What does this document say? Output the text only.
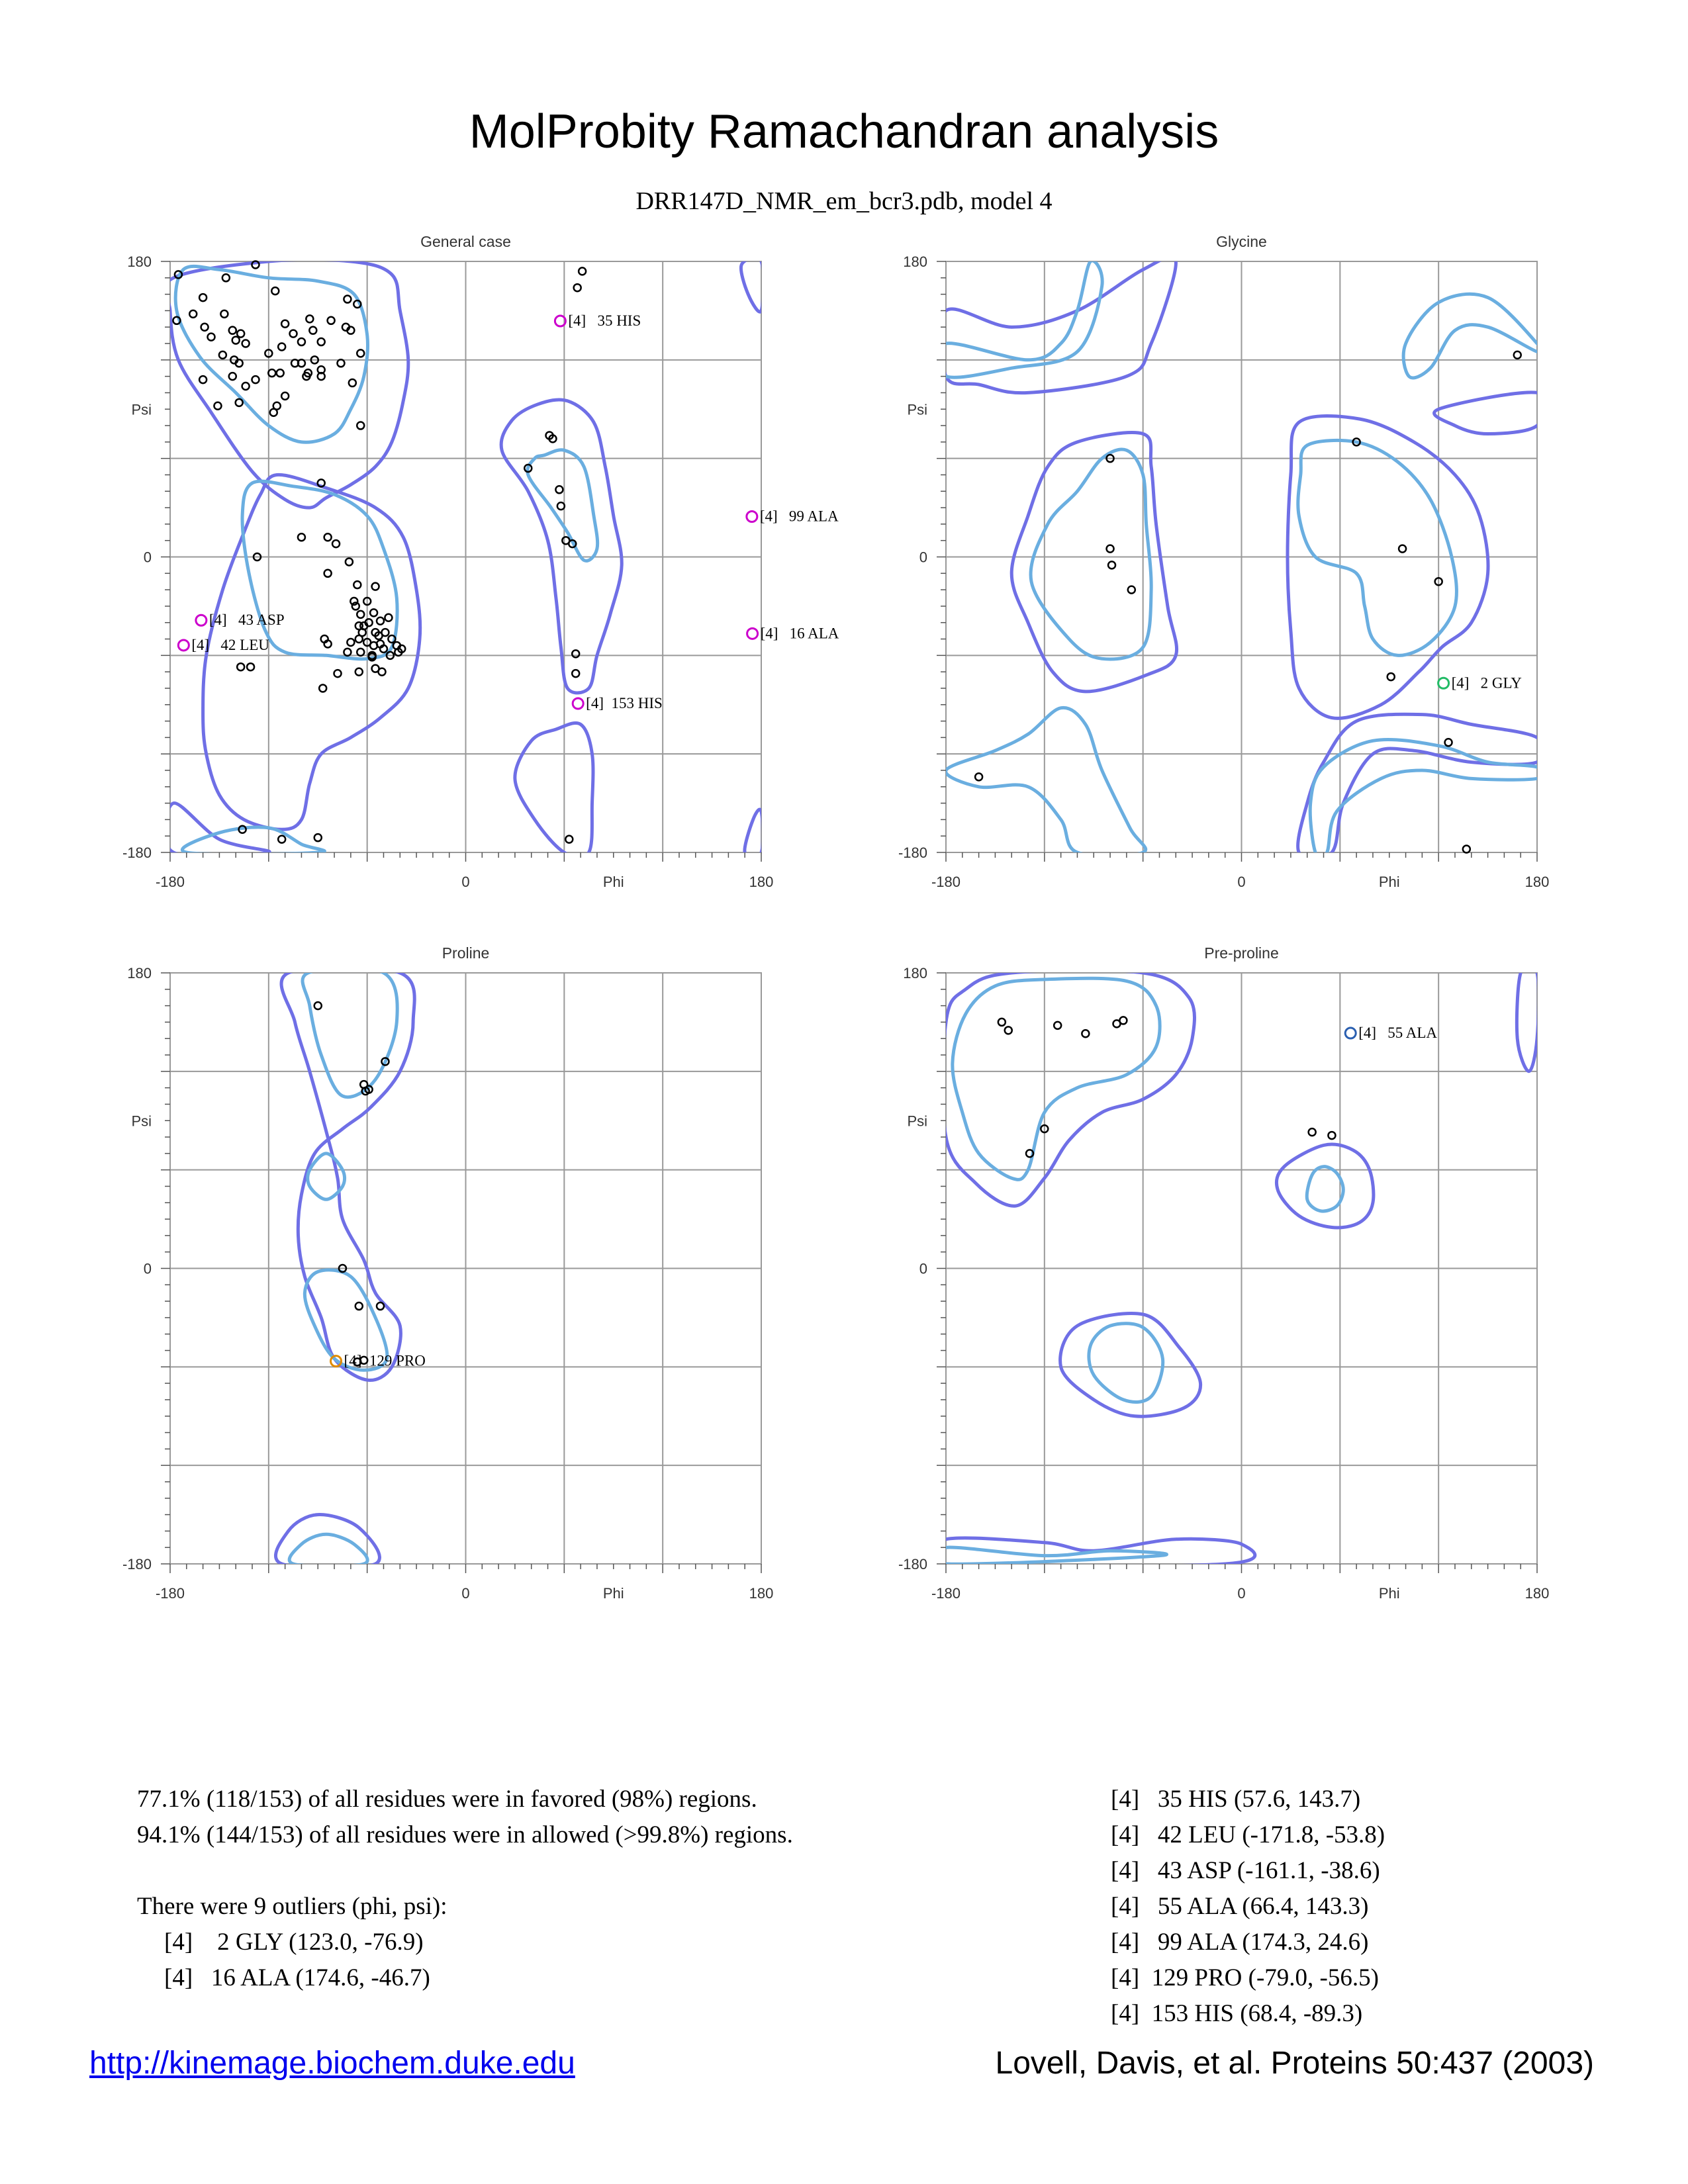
MolProbity Ramachandran analysis
DRR147D_NMR_em_bcr3.pdb, model 4
General case
180
0
-180
-180	0	180
Phi
Psi
[4]   35 HIS
[4]   99 ALA
[4]   43 ASP
[4]   42 LEU
[4]   16 ALA
[4]  153 HIS
Glycine
180
0
-180
-180	0	180
Phi
Psi
[4]   2 GLY
Proline
180
0
-180
-180	0	180
Phi
Psi
[4]  129 PRO
Pre-proline
180
0
-180
-180	0	180
Phi
Psi
[4]   55 ALA
77.1% (118/153) of all residues were in favored (98%) regions.
94.1% (144/153) of all residues were in allowed (>99.8%) regions.
There were 9 outliers (phi, psi):
[4]    2 GLY (123.0, -76.9)
[4]   16 ALA (174.6, -46.7)
[4]   35 HIS (57.6, 143.7)
[4]   42 LEU (-171.8, -53.8)
[4]   43 ASP (-161.1, -38.6)
[4]   55 ALA (66.4, 143.3)
[4]   99 ALA (174.3, 24.6)
[4]  129 PRO (-79.0, -56.5)
[4]  153 HIS (68.4, -89.3)
http://kinemage.biochem.duke.edu	Lovell, Davis, et al. Proteins 50:437 (2003)
